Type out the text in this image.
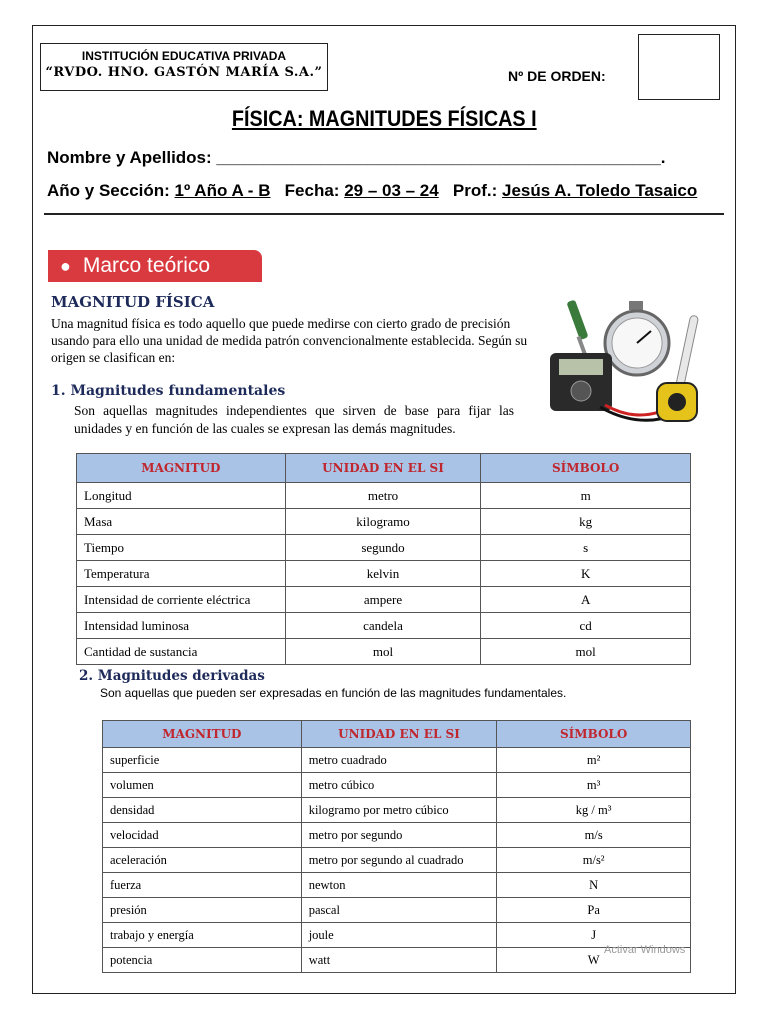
INSTITUCIÓN EDUCATIVA PRIVADA
“RVDO. HNO. GASTÓN MARÍA S.A.”	Nº DE ORDEN:
FÍSICA: MAGNITUDES FÍSICAS I
Nombre y Apellidos: _______________________________________________.
Año y Sección: 1º Año A - B Fecha: 29 – 03 – 24 Prof.: Jesús A. Toledo Tasaico
● Marco teórico
MAGNITUD FÍSICA
Una magnitud física es todo aquello que puede medirse con cierto grado de precisión usando para ello una unidad de medida patrón convencionalmente establecida. Según su origen se clasifican en:
1. Magnitudes fundamentales
Son aquellas magnitudes independientes que sirven de base para fijar las unidades y en función de las cuales se expresan las demás magnitudes.
MAGNITUD	UNIDAD EN EL SI	SÍMBOLO
Longitud	metro	m
Masa	kilogramo	kg
Tiempo	segundo	s
Temperatura	kelvin	K
Intensidad de corriente eléctrica	ampere	A
Intensidad luminosa	candela	cd
Cantidad de sustancia	mol	mol
2. Magnitudes derivadas
Son aquellas que pueden ser expresadas en función de las magnitudes fundamentales.
MAGNITUD	UNIDAD EN EL SI	SÍMBOLO
superficie	metro cuadrado	m²
volumen	metro cúbico	m³
densidad	kilogramo por metro cúbico	kg / m³
velocidad	metro por segundo	m/s
aceleración	metro por segundo al cuadrado	m/s²
fuerza	newton	N
presión	pascal	Pa
trabajo y energía	joule	J
potencia	watt	W
Activar Windows
